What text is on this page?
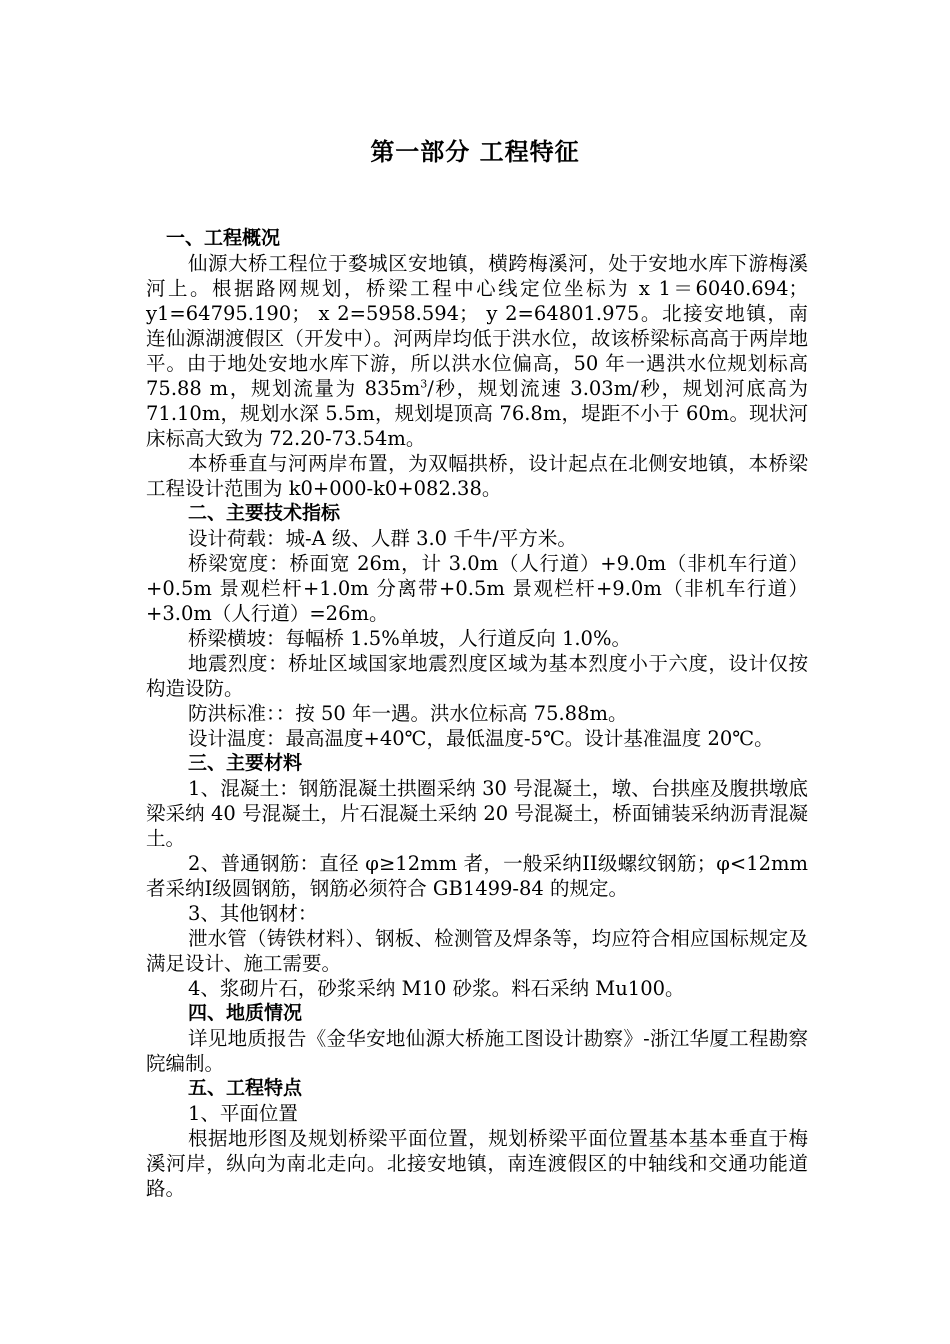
第一部分 工程特征

一、工程概况

仙源大桥工程位于婺城区安地镇，横跨梅溪河，处于安地水库下游梅溪河上。根据路网规划，桥梁工程中心线定位坐标为 x 1＝6040.694；y1=64795.190； x 2=5958.594； y 2=64801.975。北接安地镇，南连仙源湖渡假区（开发中）。河两岸均低于洪水位，故该桥梁标高高于两岸地平。由于地处安地水库下游，所以洪水位偏高，50 年一遇洪水位规划标高 75.88 m，规划流量为 $835m^3/$秒，规划流速 3.03m/秒，规划河底高为 71.10m，规划水深 5.5m，规划堤顶高 76.8m，堤距不小于 60m。现状河床标高大致为 72.20-73.54m。

本桥垂直与河两岸布置，为双幅拱桥，设计起点在北侧安地镇，本桥梁工程设计范围为 k0+000-k0+082.38。

二、主要技术指标

设计荷载：城-A 级、人群 3.0 千牛/平方米。

桥梁宽度：桥面宽 26m，计 3.0m（人行道）+9.0m（非机车行道）+0.5m 景观栏杆+1.0m 分离带+0.5m 景观栏杆+9.0m（非机车行道）+3.0m（人行道）=26m。

桥梁横坡：每幅桥 1.5%单坡，人行道反向 1.0%。

地震烈度：桥址区域国家地震烈度区域为基本烈度小于六度，设计仅按构造设防。

防洪标准：：按 50 年一遇。洪水位标高 75.88m。

设计温度：最高温度+40℃，最低温度-5℃。设计基准温度 20℃。

三、主要材料

1、混凝土：钢筋混凝土拱圈采纳 30 号混凝土，墩、台拱座及腹拱墩底梁采纳 40 号混凝土，片石混凝土采纳 20 号混凝土，桥面铺装采纳沥青混凝土。

2、普通钢筋：直径 φ≥12mm 者，一般采纳II级螺纹钢筋；φ<12mm 者采纳I级圆钢筋，钢筋必须符合 GB1499-84 的规定。

3、其他钢材：

泄水管（铸铁材料）、钢板、检测管及焊条等，均应符合相应国标规定及满足设计、施工需要。

4、浆砌片石，砂浆采纳 M10 砂浆。料石采纳 Mu100。

四、地质情况

详见地质报告《金华安地仙源大桥施工图设计勘察》-浙江华厦工程勘察院编制。

五、工程特点

1、平面位置

根据地形图及规划桥梁平面位置，规划桥梁平面位置基本基本垂直于梅溪河岸，纵向为南北走向。北接安地镇，南连渡假区的中轴线和交通功能道路。
